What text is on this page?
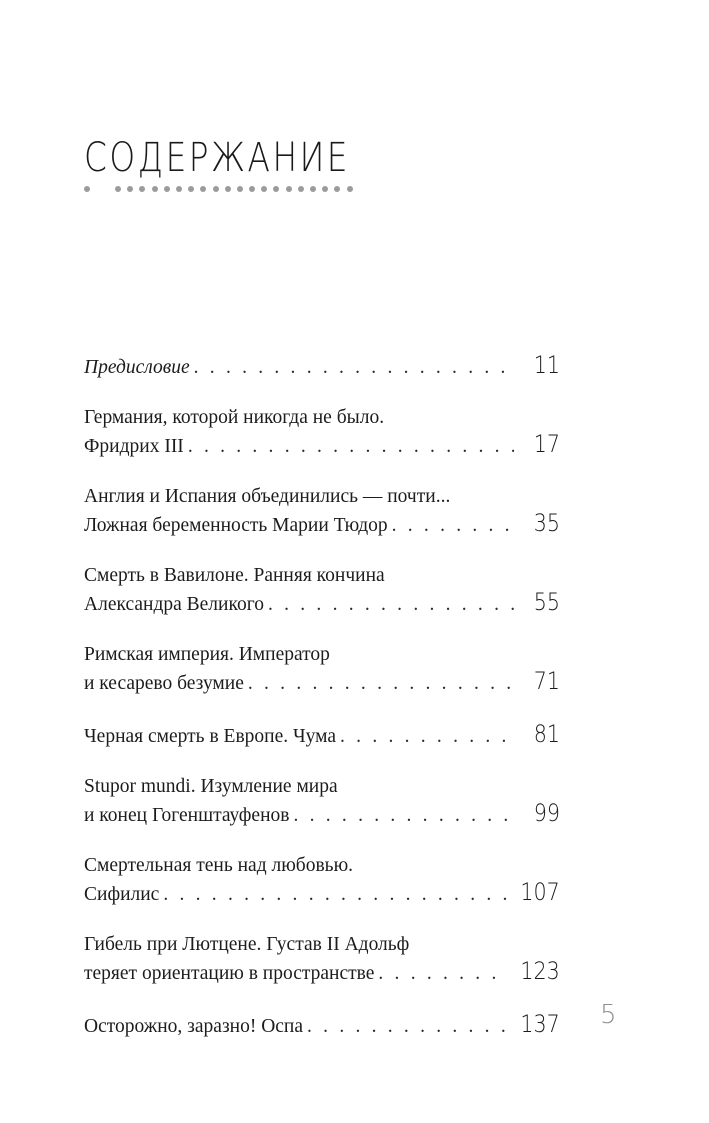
СОДЕРЖАНИЕ
Предисловие . . .	11
Германия, которой никогда не было.
Фридрих III . . .	17
Англия и Испания объединились — почти...
Ложная беременность Марии Тюдор . . .	35
Смерть в Вавилоне. Ранняя кончина
Александра Великого . . .	55
Римская империя. Император
и кесарево безумие . . .	71
Черная смерть в Европе. Чума . . .	81
Stupor mundi. Изумление мира
и конец Гогенштауфенов . . .	99
Смертельная тень над любовью.
Сифилис . . .	107
Гибель при Лютцене. Густав II Адольф
теряет ориентацию в пространстве . . .	123
Осторожно, заразно! Оспа . . .	137 5
